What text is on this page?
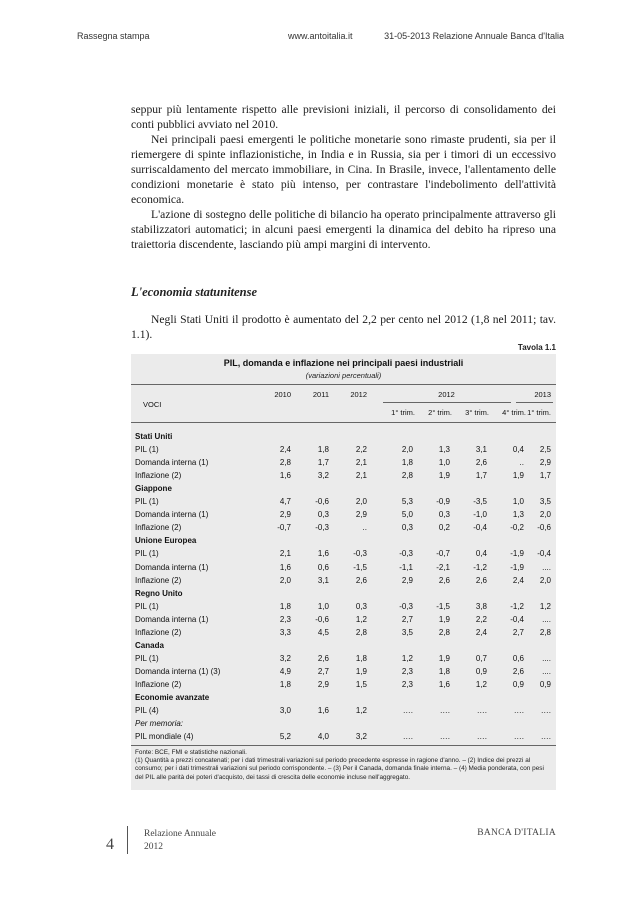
Rassegna stampa	www.antoitalia.it	31-05-2013 Relazione Annuale Banca d'Italia

seppur più lentamente rispetto alle previsioni iniziali, il percorso di consolidamento dei conti pubblici avviato nel 2010.

Nei principali paesi emergenti le politiche monetarie sono rimaste prudenti, sia per il riemergere di spinte inflazionistiche, in India e in Russia, sia per i timori di un eccessivo surriscaldamento del mercato immobiliare, in Cina. In Brasile, invece, l'allentamento delle condizioni monetarie è stato più intenso, per contrastare l'indebolimento dell'attività economica.

L'azione di sostegno delle politiche di bilancio ha operato principalmente attraverso gli stabilizzatori automatici; in alcuni paesi emergenti la dinamica del debito ha ripreso una traiettoria discendente, lasciando più ampi margini di intervento.

L'economia statunitense

Negli Stati Uniti il prodotto è aumentato del 2,2 per cento nel 2012 (1,8 nel 2011; tav. 1.1).

Tavola 1.1
PIL, domanda e inflazione nei principali paesi industriali
(variazioni percentuali)
VOCI
2010	2011	2012	2012	2013
1° trim.	2° trim.	3° trim.	4° trim. 1° trim.
Stati Uniti
PIL (1)	2,4	1,8	2,2	2,0	1,3	3,1	0,4	2,5
Domanda interna (1)	2,8	1,7	2,1	1,8	1,0	2,6	..	2,9
Inflazione (2)	1,6	3,2	2,1	2,8	1,9	1,7	1,9	1,7
Giappone
PIL (1)	4,7	-0,6	2,0	5,3	-0,9	-3,5	1,0	3,5
Domanda interna (1)	2,9	0,3	2,9	5,0	0,3	-1,0	1,3	2,0
Inflazione (2)	-0,7	-0,3	..	0,3	0,2	-0,4	-0,2	-0,6
Unione Europea
PIL (1)	2,1	1,6	-0,3	-0,3	-0,7	0,4	-1,9	-0,4
Domanda interna (1)	1,6	0,6	-1,5	-1,1	-2,1	-1,2	-1,9	....
Inflazione (2)	2,0	3,1	2,6	2,9	2,6	2,6	2,4	2,0
Regno Unito
PIL (1)	1,8	1,0	0,3	-0,3	-1,5	3,8	-1,2	1,2
Domanda interna (1)	2,3	-0,6	1,2	2,7	1,9	2,2	-0,4	....
Inflazione (2)	3,3	4,5	2,8	3,5	2,8	2,4	2,7	2,8
Canada
PIL (1)	3,2	2,6	1,8	1,2	1,9	0,7	0,6	....
Domanda interna (1) (3)	4,9	2,7	1,9	2,3	1,8	0,9	2,6	....
Inflazione (2)	1,8	2,9	1,5	2,3	1,6	1,2	0,9	0,9
Economie avanzate
PIL (4)	3,0	1,6	1,2	….	….	….	….	….
Per memoria:
PIL mondiale (4)	5,2	4,0	3,2	….	….	….	….	….

Fonte: BCE, FMI e statistiche nazionali.

(1) Quantità a prezzi concatenati; per i dati trimestrali variazioni sul periodo precedente espresse in ragione d'anno. – (2) Indice dei prezzi al consumo; per i dati trimestrali variazioni sul periodo corrispondente. – (3) Per il Canada, domanda finale interna. – (4) Media ponderata, con pesi del PIL alle parità dei poteri d'acquisto, dei tassi di crescita delle economie incluse nell'aggregato.

4
Relazione Annuale
2012
BANCA D'ITALIA
